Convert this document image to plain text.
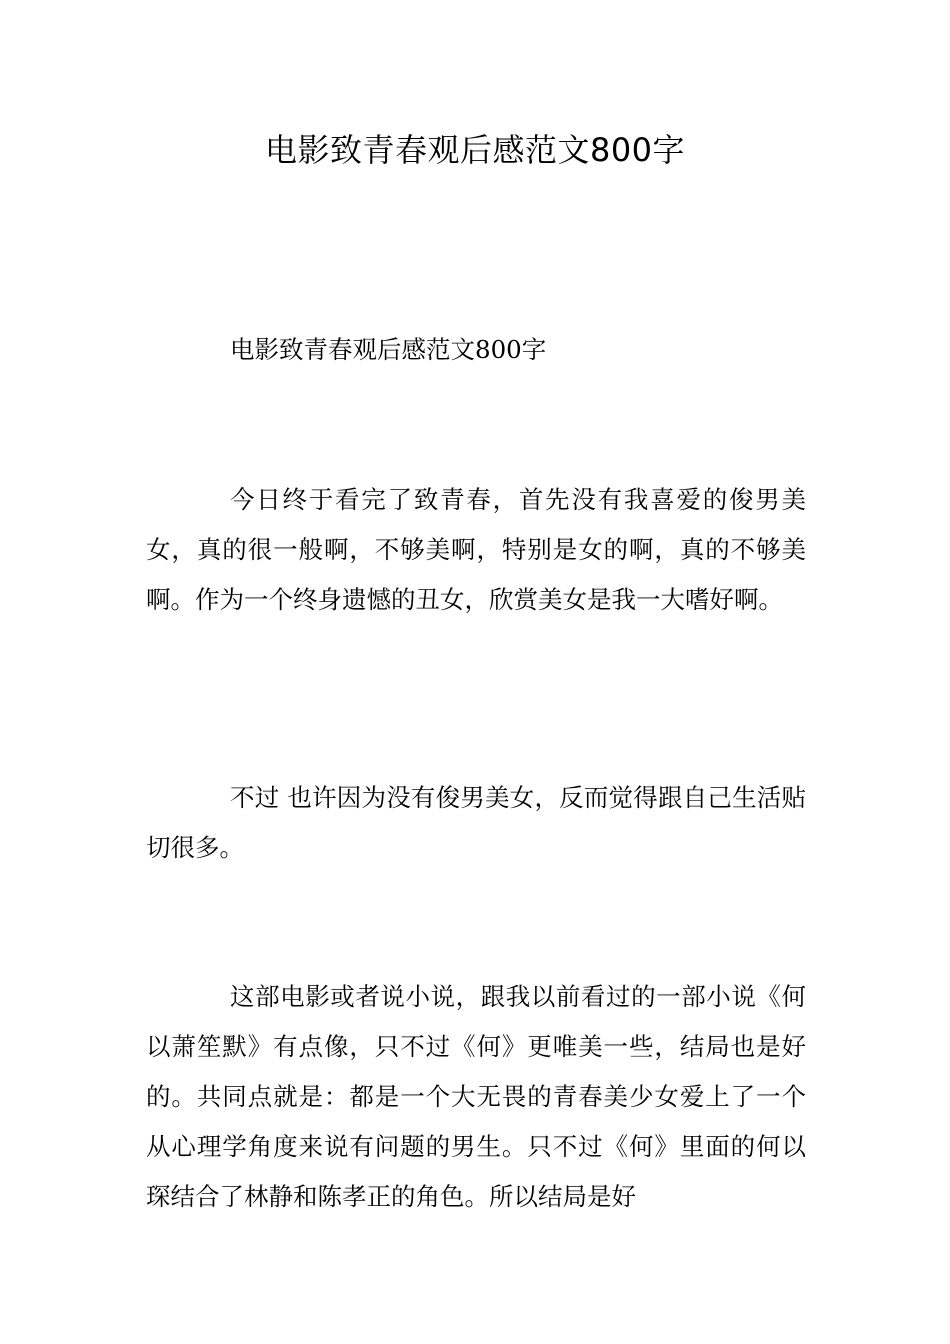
电影致青春观后感范文800字
电影致青春观后感范文800字
今日终于看完了致青春，首先没有我喜爱的俊男美女，真的很一般啊，不够美啊，特别是女的啊，真的不够美啊。作为一个终身遗憾的丑女，欣赏美女是我一大嗜好啊。
不过 也许因为没有俊男美女，反而觉得跟自己生活贴切很多。
这部电影或者说小说，跟我以前看过的一部小说《何以萧笙默》有点像，只不过《何》更唯美一些，结局也是好的。共同点就是：都是一个大无畏的青春美少女爱上了一个从心理学角度来说有问题的男生。只不过《何》里面的何以琛结合了林静和陈孝正的角色。所以结局是好
